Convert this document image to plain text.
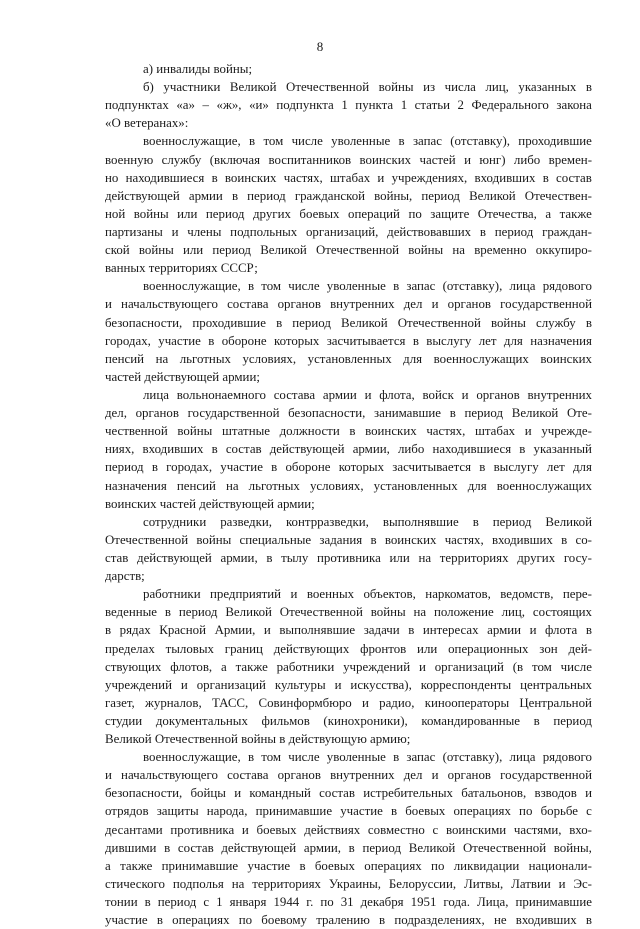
8
а) инвалиды войны;
б) участники Великой Отечественной войны из числа лиц, указанных в
подпунктах «а» – «ж», «и» подпункта 1 пункта 1 статьи 2 Федерального закона
«О ветеранах»:
военнослужащие, в том числе уволенные в запас (отставку), проходившие
военную службу (включая воспитанников воинских частей и юнг) либо времен-
но находившиеся в воинских частях, штабах и учреждениях, входивших в состав
действующей армии в период гражданской войны, период Великой Отечествен-
ной войны или период других боевых операций по защите Отечества, а также
партизаны и члены подпольных организаций, действовавших в период граждан-
ской войны или период Великой Отечественной войны на временно оккупиро-
ванных территориях СССР;
военнослужащие, в том числе уволенные в запас (отставку), лица рядового
и начальствующего состава органов внутренних дел и органов государственной
безопасности, проходившие в период Великой Отечественной войны службу в
городах, участие в обороне которых засчитывается в выслугу лет для назначения
пенсий на льготных условиях, установленных для военнослужащих воинских
частей действующей армии;
лица вольнонаемного состава армии и флота, войск и органов внутренних
дел, органов государственной безопасности, занимавшие в период Великой Оте-
чественной войны штатные должности в воинских частях, штабах и учрежде-
ниях, входивших в состав действующей армии, либо находившиеся в указанный
период в городах, участие в обороне которых засчитывается в выслугу лет для
назначения пенсий на льготных условиях, установленных для военнослужащих
воинских частей действующей армии;
сотрудники разведки, контрразведки, выполнявшие в период Великой
Отечественной войны специальные задания в воинских частях, входивших в со-
став действующей армии, в тылу противника или на территориях других госу-
дарств;
работники предприятий и военных объектов, наркоматов, ведомств, пере-
веденные в период Великой Отечественной войны на положение лиц, состоящих
в рядах Красной Армии, и выполнявшие задачи в интересах армии и флота в
пределах тыловых границ действующих фронтов или операционных зон дей-
ствующих флотов, а также работники учреждений и организаций (в том числе
учреждений и организаций культуры и искусства), корреспонденты центральных
газет, журналов, ТАСС, Совинформбюро и радио, кинооператоры Центральной
студии документальных фильмов (кинохроники), командированные в период
Великой Отечественной войны в действующую армию;
военнослужащие, в том числе уволенные в запас (отставку), лица рядового
и начальствующего состава органов внутренних дел и органов государственной
безопасности, бойцы и командный состав истребительных батальонов, взводов и
отрядов защиты народа, принимавшие участие в боевых операциях по борьбе с
десантами противника и боевых действиях совместно с воинскими частями, вхо-
дившими в состав действующей армии, в период Великой Отечественной войны,
а также принимавшие участие в боевых операциях по ликвидации национали-
стического подполья на территориях Украины, Белоруссии, Литвы, Латвии и Эс-
тонии в период с 1 января 1944 г. по 31 декабря 1951 года. Лица, принимавшие
участие в операциях по боевому тралению в подразделениях, не входивших в
